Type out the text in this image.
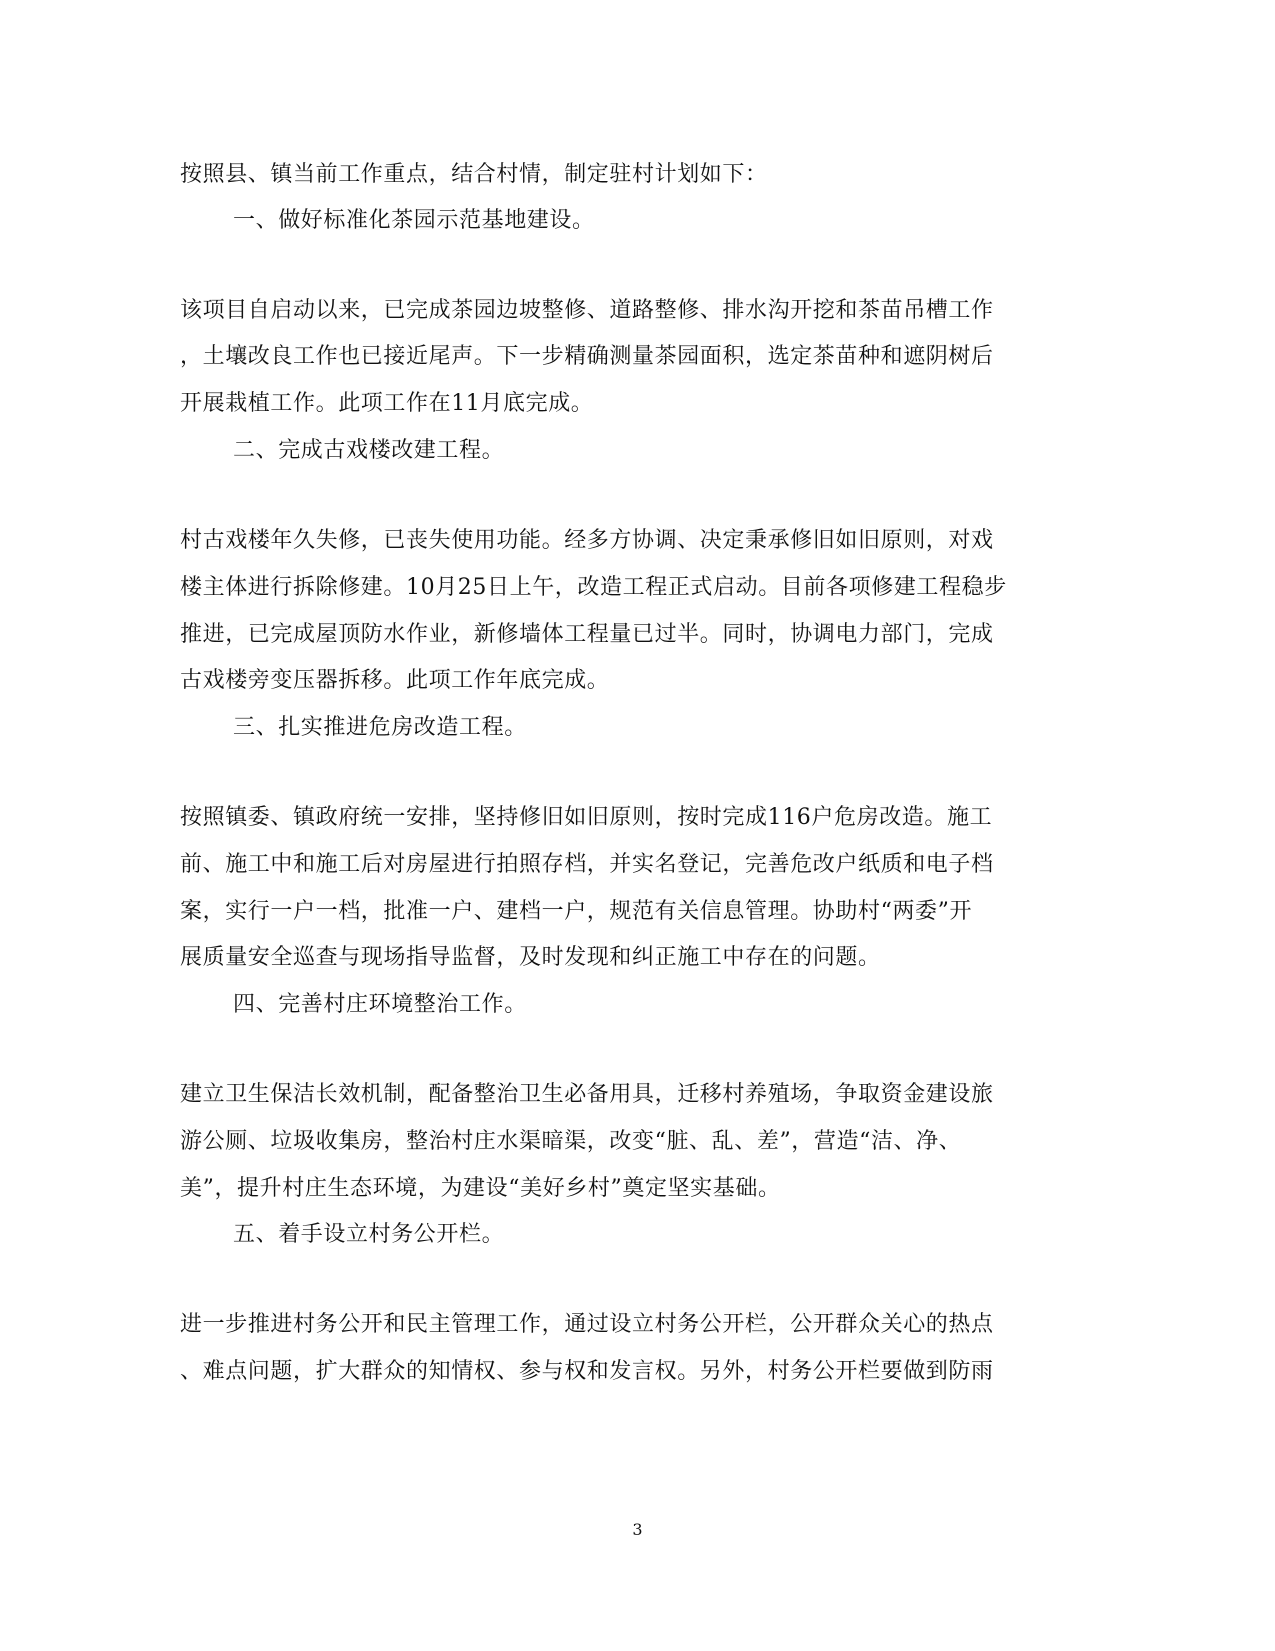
按照县、镇当前工作重点，结合村情，制定驻村计划如下：
一、做好标准化茶园示范基地建设。
该项目自启动以来，已完成茶园边坡整修、道路整修、排水沟开挖和茶苗吊槽工作
，土壤改良工作也已接近尾声。下一步精确测量茶园面积，选定茶苗种和遮阴树后
开展栽植工作。此项工作在11月底完成。
二、完成古戏楼改建工程。
村古戏楼年久失修，已丧失使用功能。经多方协调、决定秉承修旧如旧原则，对戏
楼主体进行拆除修建。10月25日上午，改造工程正式启动。目前各项修建工程稳步
推进，已完成屋顶防水作业，新修墙体工程量已过半。同时，协调电力部门，完成
古戏楼旁变压器拆移。此项工作年底完成。
三、扎实推进危房改造工程。
按照镇委、镇政府统一安排，坚持修旧如旧原则，按时完成116户危房改造。施工
前、施工中和施工后对房屋进行拍照存档，并实名登记，完善危改户纸质和电子档
案，实行一户一档，批准一户、建档一户，规范有关信息管理。协助村“两委”开
展质量安全巡查与现场指导监督，及时发现和纠正施工中存在的问题。
四、完善村庄环境整治工作。
建立卫生保洁长效机制，配备整治卫生必备用具，迁移村养殖场，争取资金建设旅
游公厕、垃圾收集房，整治村庄水渠暗渠，改变“脏、乱、差”，营造“洁、净、
美”，提升村庄生态环境，为建设“美好乡村”奠定坚实基础。
五、着手设立村务公开栏。
进一步推进村务公开和民主管理工作，通过设立村务公开栏，公开群众关心的热点
、难点问题，扩大群众的知情权、参与权和发言权。另外，村务公开栏要做到防雨
3
